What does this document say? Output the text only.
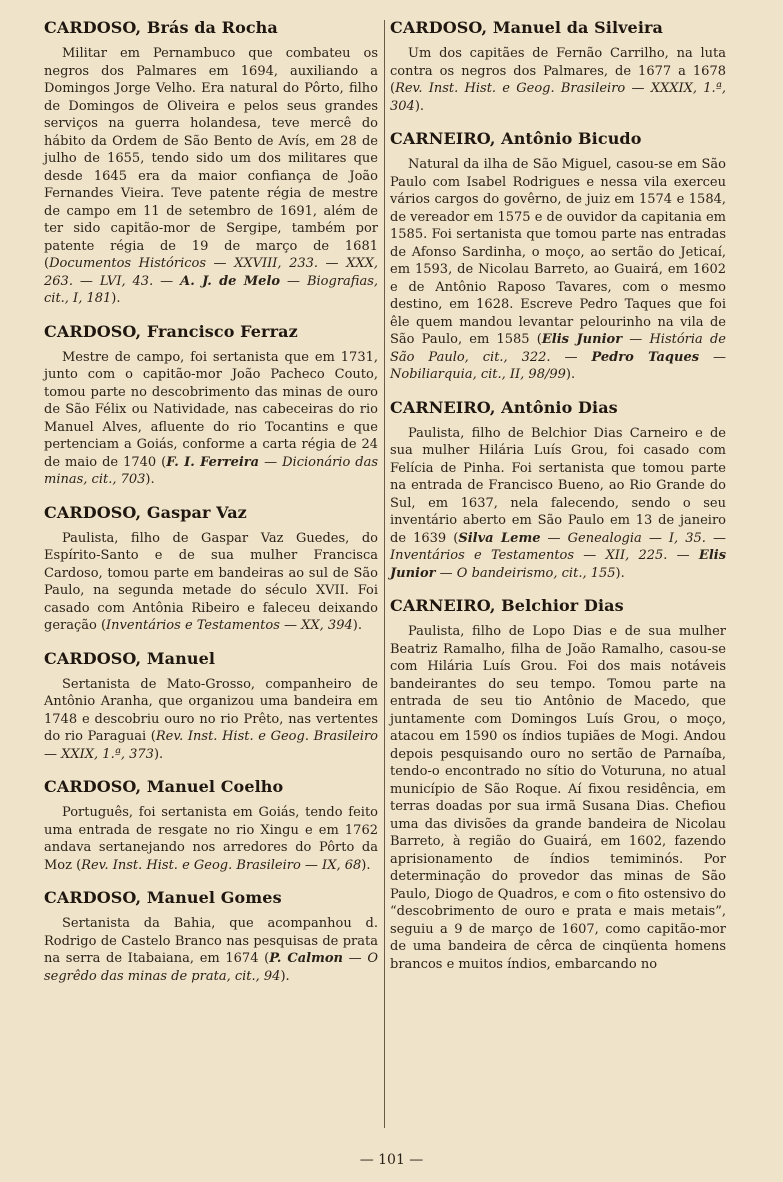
CARDOSO, Brás da Rocha

Militar em Pernambuco que combateu os negros dos Palmares em 1694, auxiliando a Domingos Jorge Velho. Era natural do Pôrto, filho de Domingos de Oliveira e pelos seus grandes serviços na guerra holandesa, teve mercê do hábito da Ordem de São Bento de Avís, em 28 de julho de 1655, tendo sido um dos militares que desde 1645 era da maior confiança de João Fernandes Vieira. Teve patente régia de mestre de campo em 11 de setembro de 1691, além de ter sido capitão-mor de Sergipe, também por patente régia de 19 de março de 1681 (Documentos Históricos — XXVIII, 233. — XXX, 263. — LVI, 43. — A. J. de Melo — Biografias, cit., I, 181).

CARDOSO, Francisco Ferraz

Mestre de campo, foi sertanista que em 1731, junto com o capitão-mor João Pacheco Couto, tomou parte no descobrimento das minas de ouro de São Félix ou Natividade, nas cabeceiras do rio Manuel Alves, afluente do rio Tocantins e que pertenciam a Goiás, conforme a carta régia de 24 de maio de 1740 (F. I. Ferreira — Dicionário das minas, cit., 703).

CARDOSO, Gaspar Vaz

Paulista, filho de Gaspar Vaz Guedes, do Espírito-Santo e de sua mulher Francisca Cardoso, tomou parte em bandeiras ao sul de São Paulo, na segunda metade do século XVII. Foi casado com Antônia Ribeiro e faleceu deixando geração (Inventários e Testamentos — XX, 394).

CARDOSO, Manuel

Sertanista de Mato-Grosso, companheiro de Antônio Aranha, que organizou uma bandeira em 1748 e descobriu ouro no rio Prêto, nas vertentes do rio Paraguai (Rev. Inst. Hist. e Geog. Brasileiro — XXIX, 1.ª, 373).

CARDOSO, Manuel Coelho

Português, foi sertanista em Goiás, tendo feito uma entrada de resgate no rio Xingu e em 1762 andava sertanejando nos arredores do Pôrto da Moz (Rev. Inst. Hist. e Geog. Brasileiro — IX, 68).

CARDOSO, Manuel Gomes

Sertanista da Bahia, que acompanhou d. Rodrigo de Castelo Branco nas pesquisas de prata na serra de Itabaiana, em 1674 (P. Calmon — O segrêdo das minas de prata, cit., 94).

CARDOSO, Manuel da Silveira

Um dos capitães de Fernão Carrilho, na luta contra os negros dos Palmares, de 1677 a 1678 (Rev. Inst. Hist. e Geog. Brasileiro — XXXIX, 1.ª, 304).

CARNEIRO, Antônio Bicudo

Natural da ilha de São Miguel, casou-se em São Paulo com Isabel Rodrigues e nessa vila exerceu vários cargos do govêrno, de juiz em 1574 e 1584, de vereador em 1575 e de ouvidor da capitania em 1585. Foi sertanista que tomou parte nas entradas de Afonso Sardinha, o moço, ao sertão do Jeticaí, em 1593, de Nicolau Barreto, ao Guairá, em 1602 e de Antônio Raposo Tavares, com o mesmo destino, em 1628. Escreve Pedro Taques que foi êle quem mandou levantar pelourinho na vila de São Paulo, em 1585 (Elis Junior — História de São Paulo, cit., 322. — Pedro Taques — Nobiliarquia, cit., II, 98/99).

CARNEIRO, Antônio Dias

Paulista, filho de Belchior Dias Carneiro e de sua mulher Hilária Luís Grou, foi casado com Felícia de Pinha. Foi sertanista que tomou parte na entrada de Francisco Bueno, ao Rio Grande do Sul, em 1637, nela falecendo, sendo o seu inventário aberto em São Paulo em 13 de janeiro de 1639 (Silva Leme — Genealogia — I, 35. — Inventários e Testamentos — XII, 225. — Elis Junior — O bandeirismo, cit., 155).

CARNEIRO, Belchior Dias

Paulista, filho de Lopo Dias e de sua mulher Beatriz Ramalho, filha de João Ramalho, casou-se com Hilária Luís Grou. Foi dos mais notáveis bandeirantes do seu tempo. Tomou parte na entrada de seu tio Antônio de Macedo, que juntamente com Domingos Luís Grou, o moço, atacou em 1590 os índios tupiães de Mogi. Andou depois pesquisando ouro no sertão de Parnaíba, tendo-o encontrado no sítio do Voturuna, no atual município de São Roque. Aí fixou residência, em terras doadas por sua irmã Susana Dias. Chefiou uma das divisões da grande bandeira de Nicolau Barreto, à região do Guairá, em 1602, fazendo aprisionamento de índios temiminós. Por determinação do provedor das minas de São Paulo, Diogo de Quadros, e com o fito ostensivo do “descobrimento de ouro e prata e mais metais”, seguiu a 9 de março de 1607, como capitão-mor de uma bandeira de cêrca de cinqüenta homens brancos e muitos índios, embarcando no

— 101 —
